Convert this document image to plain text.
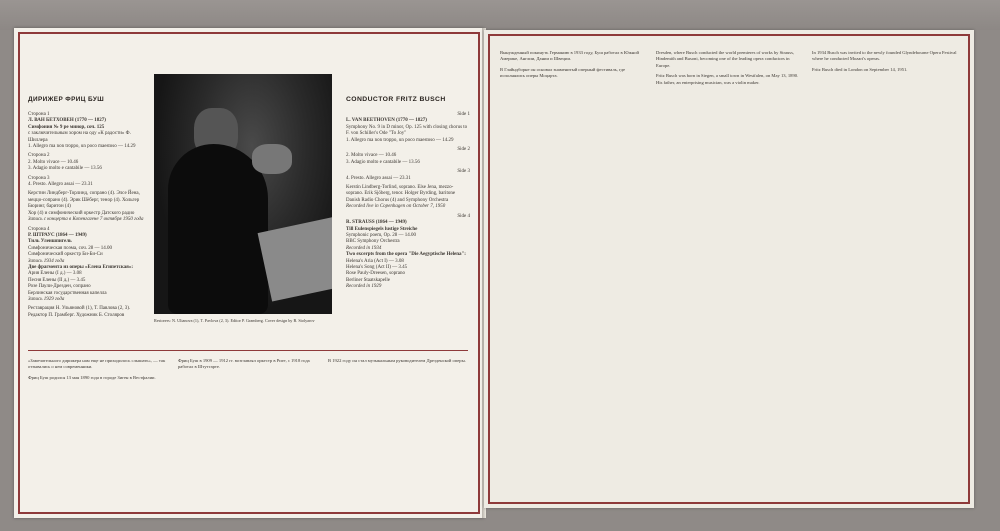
ДИРИЖЕР ФРИЦ БУШ	CONDUCTOR FRITZ BUSCH
Сторона 1
Л. ВАН БЕТХОВЕН (1770 — 1827)
Симфония № 9 ре минор, соч. 125
с заключительным хором на оду «К радости» Ф. Шиллера
1. Allegro ma non troppo, un poco maestoso — 14.29
Сторона 2
2. Molto vivace — 10.46
3. Adagio molto e cantabile — 13.56
Сторона 3
4. Presto. Allegro assai — 23.31
Керстин Линдберг-Торлинд, сопрано (4). Элсе Йена, меццо-сопрано (4). Эрик Шёберг, тенор (4). Хольгер Бюринг, баритон (4)
Хор (4) и симфонический оркестр Датского радио
Запись с концерта в Копенгагене 7 октября 1950 года
Сторона 4
Р. ШТРАУС (1864 — 1949)
Тиль Уленшпигель
Симфоническая поэма, соч. 28 — 14.00
Симфонический оркестр Би-Би-Си
Запись 1934 года
Две фрагмента из оперы «Елена Египетская»:
Ария Елены (I д.) — 3.08
Песня Елены (II д.) — 3.45
Розе Паули-Дрезден, сопрано
Берлинская государственная капелла
Запись 1929 года
Реставрация Н. Ульяновой (1), Т. Павлова (2, 3). Редактор П. Грамберг. Художник Б. Столяров
Side 1
L. VAN BEETHOVEN (1770 — 1827)
Symphony No. 9 in D minor, Op. 125 with closing chorus to F. von Schiller's Ode "To Joy"
1. Allegro ma non troppo, un poco maestoso — 14.29
Side 2
2. Molto vivace — 10.46
3. Adagio molto e cantabile — 13.56
Side 3
4. Presto. Allegro assai — 23.31
Kerstin Lindberg-Torlind, soprano. Else Jena, mezzo-soprano. Erik Sjöberg, tenor. Holger Byrding, baritone
Danish Radio Chorus (4) and Symphony Orchestra
Recorded live in Copenhagen on October 7, 1950
Side 4
R. STRAUSS (1864 — 1949)
Till Eulenspiegels lustige Streiche
Symphonic poem, Op. 28 — 14.00
BBC Symphony Orchestra
Recorded in 1934
Two excerpts from the opera "Die Aegyptische Helena":
Helena's Aria (Act I) — 3.08
Helena's Song (Act II) — 3.45
Rose Pauly-Dreesen, soprano
Berliner Staatskapelle
Recorded in 1929
Restorers: N. Ulianova (1), T. Pavlova (2, 3). Editor P. Gramberg. Cover design by B. Stolyarov
«Замечательного дирижера нам еще не приходилось слышать», — так отзывались о нем современники.
Фриц Буш родился 13 мая 1890 года в городе Зиген в Вестфалии.
Фриц Буш в 1909 — 1912 гг. возглавлял оркестр в Риге, с 1918 года работал в Штутгарте.
В 1922 году он стал музыкальным руководителем Дрезденской оперы.
Вынужденный покинуть Германию в 1933 году, Буш работал в Южной Америке, Англии, Дании и Швеции.
В Глайндборне он основал знаменитый оперный фестиваль, где исполнялись оперы Моцарта.
Dresden, where Busch conducted the world premieres of works by Strauss, Hindemith and Busoni, becoming one of the leading opera conductors in Europe.
Fritz Busch was born in Siegen, a small town in Westfalen, on May 13, 1890. His father, an enterprising musician, was a violin maker.
In 1934 Busch was invited to the newly founded Glyndebourne Opera Festival where he conducted Mozart's operas.
Fritz Busch died in London on September 14, 1951.
